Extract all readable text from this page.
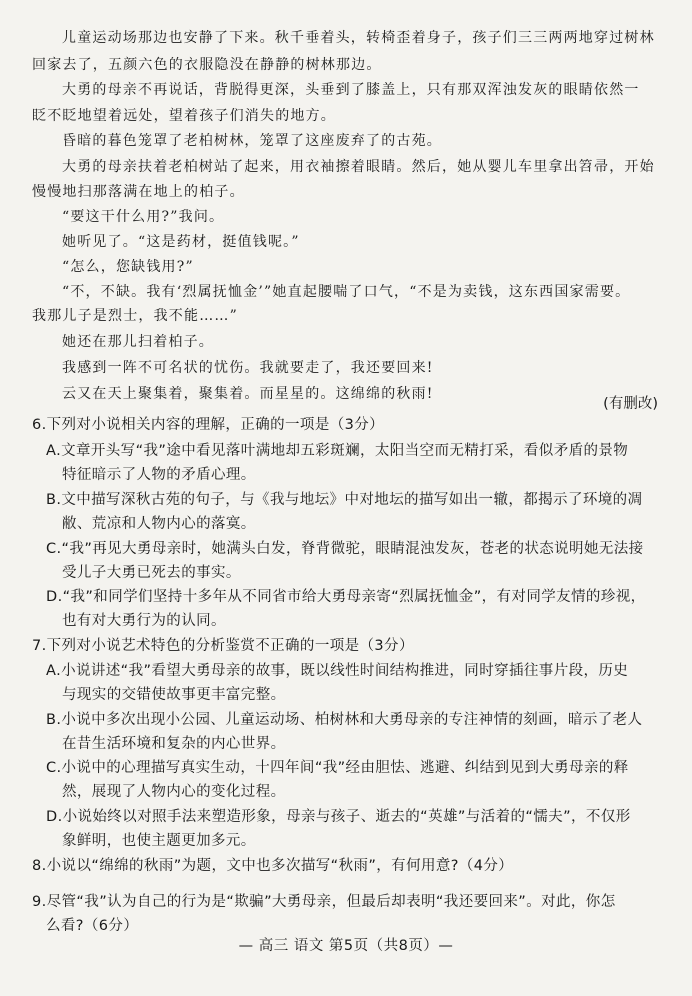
儿童运动场那边也安静了下来。秋千垂着头，转椅歪着身子，孩子们三三两两地穿过树林
回家去了，五颜六色的衣服隐没在静静的树林那边。
大勇的母亲不再说话，背脱得更深，头垂到了膝盖上，只有那双浑浊发灰的眼睛依然一
眨不眨地望着远处，望着孩子们消失的地方。
昏暗的暮色笼罩了老柏树林，笼罩了这座废弃了的古苑。
大勇的母亲扶着老柏树站了起来，用衣袖擦着眼睛。然后，她从婴儿车里拿出笤帚，开始
慢慢地扫那落满在地上的柏子。
“要这干什么用?”我问。
她听见了。“这是药材，挺值钱呢。”
“怎么，您缺钱用?”
“不，不缺。我有‘烈属抚恤金’”她直起腰喘了口气，“不是为卖钱，这东西国家需要。
我那儿子是烈士，我不能……”
她还在那儿扫着柏子。
我感到一阵不可名状的忧伤。我就要走了，我还要回来!
云又在天上聚集着，聚集着。而星星的。这绵绵的秋雨!
(有删改)
6.下列对小说相关内容的理解，正确的一项是（3分）
A.文章开头写“我”途中看见落叶满地却五彩斑斓，太阳当空而无精打采，看似矛盾的景物
特征暗示了人物的矛盾心理。
B.文中描写深秋古苑的句子，与《我与地坛》中对地坛的描写如出一辙，都揭示了环境的凋
敝、荒凉和人物内心的落寞。
C.“我”再见大勇母亲时，她满头白发，脊背微驼，眼睛混浊发灰，苍老的状态说明她无法接
受儿子大勇已死去的事实。
D.“我”和同学们坚持十多年从不同省市给大勇母亲寄“烈属抚恤金”，有对同学友情的珍视，
也有对大勇行为的认同。
7.下列对小说艺术特色的分析鉴赏不正确的一项是（3分）
A.小说讲述“我”看望大勇母亲的故事，既以线性时间结构推进，同时穿插往事片段，历史
与现实的交错使故事更丰富完整。
B.小说中多次出现小公园、儿童运动场、柏树林和大勇母亲的专注神情的刻画，暗示了老人
在昔生活环境和复杂的内心世界。
C.小说中的心理描写真实生动，十四年间“我”经由胆怯、逃避、纠结到见到大勇母亲的释
然，展现了人物内心的变化过程。
D.小说始终以对照手法来塑造形象，母亲与孩子、逝去的“英雄”与活着的“懦夫”，不仅形
象鲜明，也使主题更加多元。
8.小说以“绵绵的秋雨”为题，文中也多次描写“秋雨”，有何用意?（4分）
9.尽管“我”认为自己的行为是“欺骗”大勇母亲，但最后却表明“我还要回来”。对此，你怎
么看?（6分）
— 高三 语文 第5页（共8页）—
